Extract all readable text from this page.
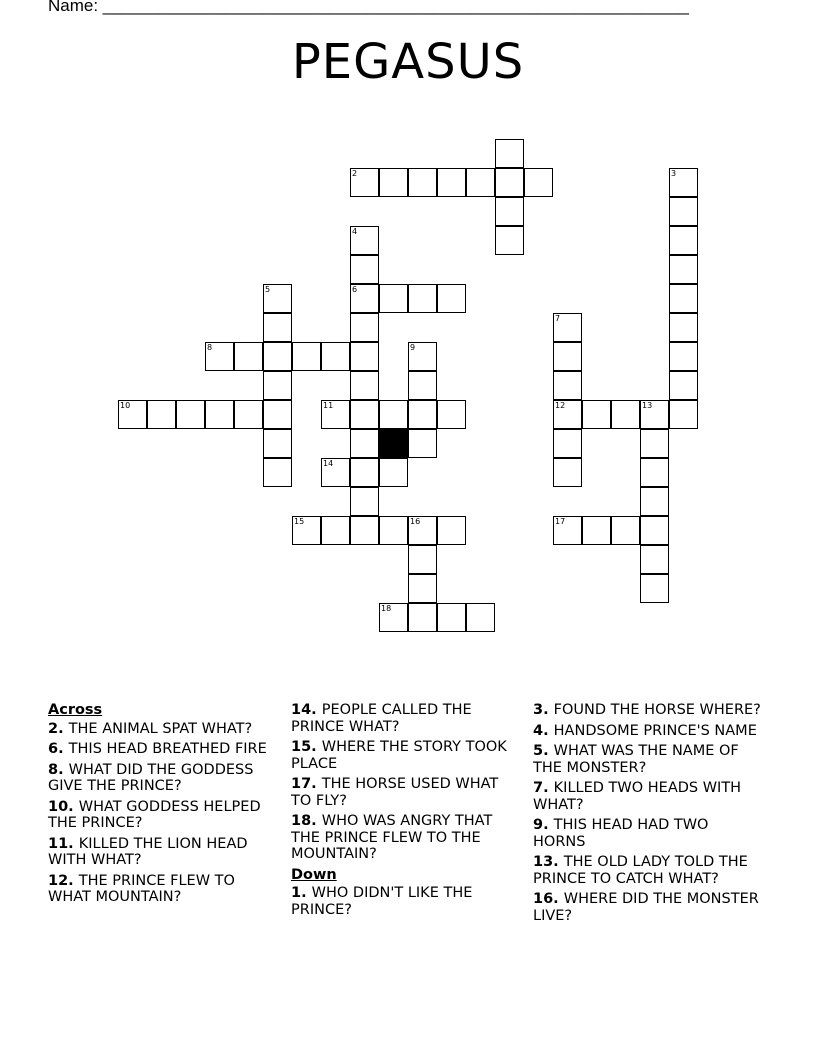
Name: ______________________________________________________________
PEGASUS
2	3
4
5	6
7
8	9
10	11	12	13
14
15	16	17
18
Across
2. THE ANIMAL SPAT WHAT?
6. THIS HEAD BREATHED FIRE
8. WHAT DID THE GODDESS GIVE THE PRINCE?
10. WHAT GODDESS HELPED THE PRINCE?
11. KILLED THE LION HEAD WITH WHAT?
12. THE PRINCE FLEW TO WHAT MOUNTAIN?
14. PEOPLE CALLED THE PRINCE WHAT?
15. WHERE THE STORY TOOK PLACE
17. THE HORSE USED WHAT TO FLY?
18. WHO WAS ANGRY THAT THE PRINCE FLEW TO THE MOUNTAIN?
Down
1. WHO DIDN'T LIKE THE PRINCE?
3. FOUND THE HORSE WHERE?
4. HANDSOME PRINCE'S NAME
5. WHAT WAS THE NAME OF THE MONSTER?
7. KILLED TWO HEADS WITH WHAT?
9. THIS HEAD HAD TWO HORNS
13. THE OLD LADY TOLD THE PRINCE TO CATCH WHAT?
16. WHERE DID THE MONSTER LIVE?
